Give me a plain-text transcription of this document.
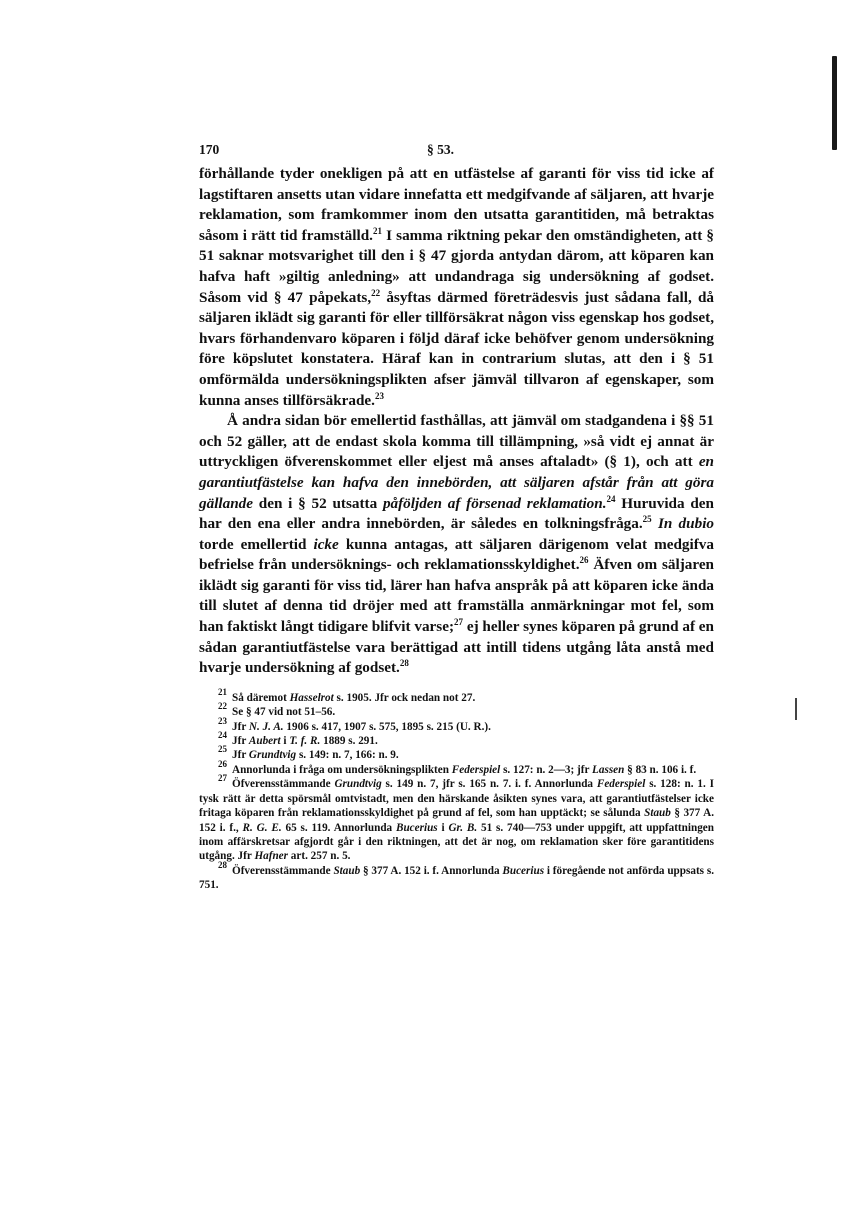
170	§ 53.

förhållande tyder onekligen på att en utfästelse af garanti för viss tid icke af lagstiftaren ansetts utan vidare innefatta ett medgifvande af säljaren, att hvarje reklamation, som framkommer inom den utsatta garantitiden, må betraktas såsom i rätt tid framställd.$^{21}$ I samma riktning pekar den omständigheten, att § 51 saknar motsvarighet till den i § 47 gjorda antydan därom, att köparen kan hafva haft »giltig anledning» att undandraga sig undersökning af godset. Såsom vid § 47 påpekats,$^{22}$ åsyftas därmed företrädesvis just sådana fall, då säljaren iklädt sig garanti för eller tillförsäkrat någon viss egenskap hos godset, hvars förhandenvaro köparen i följd däraf icke behöfver genom undersökning före köpslutet konstatera. Häraf kan in contrarium slutas, att den i § 51 omförmälda undersökningsplikten afser jämväl tillvaron af egenskaper, som kunna anses tillförsäkrade.$^{23}$

Å andra sidan bör emellertid fasthållas, att jämväl om stadgandena i §§ 51 och 52 gäller, att de endast skola komma till tillämpning, »så vidt ej annat är uttryckligen öfverenskommet eller eljest må anses aftaladt» (§ 1), och att en garantiutfästelse kan hafva den innebörden, att säljaren afstår från att göra gällande den i § 52 utsatta påföljden af försenad reklamation.$^{24}$ Huruvida den har den ena eller andra innebörden, är således en tolkningsfråga.$^{25}$ In dubio torde emellertid icke kunna antagas, att säljaren därigenom velat medgifva befrielse från undersöknings- och reklamationsskyldighet.$^{26}$ Äfven om säljaren iklädt sig garanti för viss tid, lärer han hafva anspråk på att köparen icke ända till slutet af denna tid dröjer med att framställa anmärkningar mot fel, som han faktiskt långt tidigare blifvit varse;$^{27}$ ej heller synes köparen på grund af en sådan garantiutfästelse vara berättigad att intill tidens utgång låta anstå med hvarje undersökning af godset.$^{28}$

$^{21}$ Så däremot Hasselrot s. 1905. Jfr ock nedan not 27.
$^{22}$ Se § 47 vid not 51–56.
$^{23}$ Jfr N. J. A. 1906 s. 417, 1907 s. 575, 1895 s. 215 (U. R.).
$^{24}$ Jfr Aubert i T. f. R. 1889 s. 291.
$^{25}$ Jfr Grundtvig s. 149: n. 7, 166: n. 9.
$^{26}$ Annorlunda i fråga om undersökningsplikten Federspiel s. 127: n. 2—3; jfr Lassen § 83 n. 106 i. f.
$^{27}$ Öfverensstämmande Grundtvig s. 149 n. 7, jfr s. 165 n. 7. i. f. Annorlunda Federspiel s. 128: n. 1. I tysk rätt är detta spörsmål omtvistadt, men den härskande åsikten synes vara, att garantiutfästelser icke fritaga köparen från reklamationsskyldighet på grund af fel, som han upptäckt; se sålunda Staub § 377 A. 152 i. f., R. G. E. 65 s. 119. Annorlunda Bucerius i Gr. B. 51 s. 740—753 under uppgift, att uppfattningen inom affärskretsar afgjordt går i den riktningen, att det är nog, om reklamation sker före garantitidens utgång. Jfr Hafner art. 257 n. 5.
$^{28}$ Öfverensstämmande Staub § 377 A. 152 i. f. Annorlunda Bucerius i föregående not anförda uppsats s. 751.
